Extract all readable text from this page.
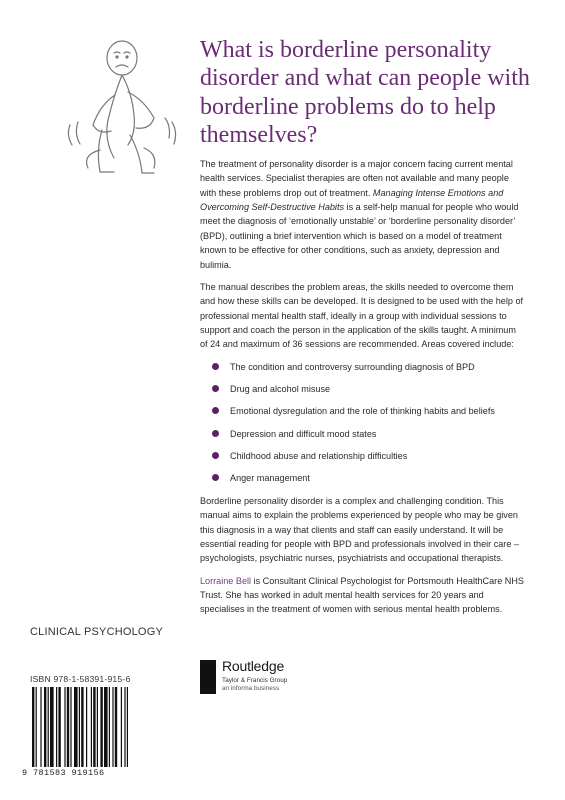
What is borderline personality disorder and what can people with borderline problems do to help themselves?

The treatment of personality disorder is a major concern facing current mental health services. Specialist therapies are often not available and many people with these problems drop out of treatment. Managing Intense Emotions and Overcoming Self-Destructive Habits is a self-help manual for people who would meet the diagnosis of ‘emotionally unstable’ or ‘borderline personality disorder’ (BPD), outlining a brief intervention which is based on a model of treatment known to be effective for other conditions, such as anxiety, depression and bulimia.

The manual describes the problem areas, the skills needed to overcome them and how these skills can be developed. It is designed to be used with the help of professional mental health staff, ideally in a group with individual sessions to support and coach the person in the application of the skills taught. A minimum of 24 and maximum of 36 sessions are recommended. Areas covered include:

The condition and controversy surrounding diagnosis of BPD
Drug and alcohol misuse
Emotional dysregulation and the role of thinking habits and beliefs
Depression and difficult mood states
Childhood abuse and relationship difficulties
Anger management

Borderline personality disorder is a complex and challenging condition. This manual aims to explain the problems experienced by people who may be given this diagnosis in a way that clients and staff can easily understand. It will be essential reading for people with BPD and professionals involved in their care – psychologists, psychiatric nurses, psychiatrists and occupational therapists.

Lorraine Bell is Consultant Clinical Psychologist for Portsmouth HealthCare NHS Trust. She has worked in adult mental health services for 20 years and specialises in the treatment of women with serious mental health problems.

CLINICAL PSYCHOLOGY
ISBN 978-1-58391-915-6
9 781583 919156
Routledge
Taylor & Francis Group
an informa business
